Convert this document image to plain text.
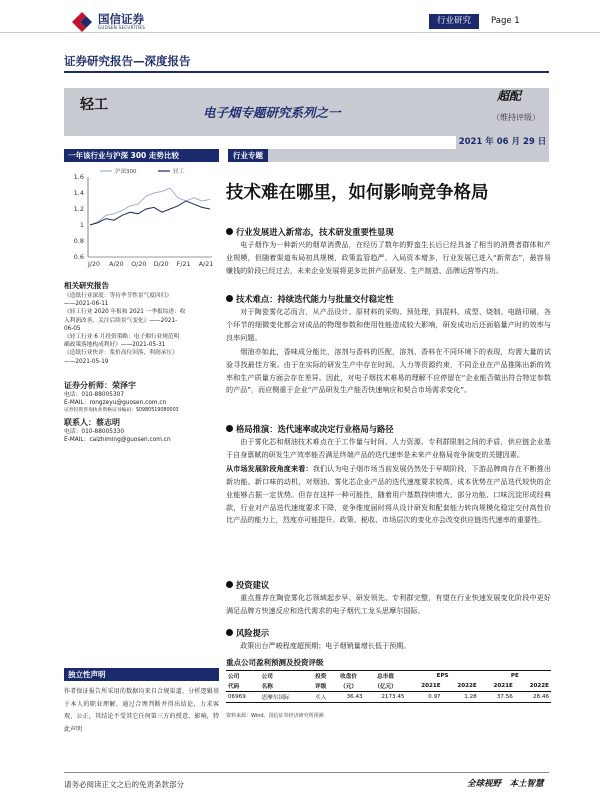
国信证券
GUOSEN SECURITIES
行业研究	Page 1
证券研究报告—深度报告
轻工	电子烟专题研究系列之一
超配
（维持评级）
2021 年 06 月 29 日
一年该行业与沪深 300 走势比较
1.6
1.4
1.2
1
0.8
0.6
J/20 A/20 O/20 D/20 F/21 A/21
沪深300	轻工
相关研究报告
《造纸行业深度：等待季节性景气度回归》
——2021-06-11
《轻工行业 2020 年报和 2021 一季报综述：收
入利润改善，关注后续景气变化》——2021-
06-05
《轻工行业 6 月投资策略：电子烟行业规范明
确政策落地构成利好》——2021-05-31
《造纸行业快评：浆价高位回落，利润承压》
——2021-05-19
证券分析师：荣泽宇
电话：010-88005307
E-MAIL：rongzeyu@guosen.com.cn
证券投资咨询执业资格证书编码：S0980519080003
联系人：蔡志明
电话：010-88005330
E-MAIL：caizhiming@guosen.com.cn
独立性声明
作者保证报告所采用的数据均来自合规渠道，分析逻辑基于本人的职业理解，通过合理判断并得出结论，力求客观、公正，其结论不受其它任何第三方的授意、影响，特此声明
行业专题
技术难在哪里，如何影响竞争格局
行业发展进入新常态，技术研发重要性显现
电子烟作为一种新兴的烟草消费品，在经历了数年的野蛮生长后已经具备了相当的消费者群体和产业规模，但随着渠道布局初具规模，政策监管趋严，入局资本增多，行业发展已进入“新常态”，最容易赚钱的阶段已经过去，未来企业发展将更多比拼产品研发、生产制造、品牌运营等内功。
技术难点：持续迭代能力与批量交付稳定性
对于陶瓷雾化芯而言，从产品设计、原材料的采购、预处理，到混料、成型、烧制、电路印刷，各个环节的细微变化都会对成品的物理参数和使用性能造成较大影响，研发成功后还面临量产时的效率与良率问题。
烟油亦如此，香味成分能比，溶剂与香料的匹配，溶剂、香料在不同环境下的表现，均需大量的试验寻找最佳方案。由于在实际的研发生产中存在时间、人力等资源约束，不同企业在产品推陈出新的效率和生产质量方面会存在差异。因此，对电子烟技术难易的理解不应停留在“企业能否做出符合特定参数的产品”，而应侧重于企业“产品研发生产能否快速响应和契合市场需求变化”。
格局推演：迭代速率或决定行业格局与路径
由于雾化芯和烟油技术难点在于工作量与时间、人力资源、专利群限制之间的矛盾，供应链企业基于自身禀赋的研发生产效率能否满足终端产品的迭代速率是未来产业格局竞争演变的关键因素。
从市场发展阶段角度来看：我们认为电子烟市场当前发展仍然处于早期阶段，下游品牌商存在不断推出新功能、新口味的动机，对烟油、雾化芯企业产品的迭代速度要求较高，成本优势在产品迭代较快的企业能够占据一定优势。但存在这样一种可能性，随着用户基数持续增大、部分功能、口味沉淀形成经典款，行业对产品迭代速度要求下降，竞争维度届时将从设计研发和配套能力转向规模化稳定交付高性价比产品的能力上，烈度亦可能提升。政策、税收、市场层次的变化亦会改变供应链迭代速率的重要性。
投资建议
重点推荐在陶瓷雾化芯领域起步早、研发领先、专利群完整，有望在行业快速发展变化阶段中更好满足品牌方快速反应和迭代需求的电子烟代工龙头思摩尔国际。
风险提示
政策出台严峻程度超预期；电子烟销量增长低于预期。
重点公司盈利预测及投资评级
公司	公司	投资	收盘价	总市值	EPS		PE	
代码	名称	评级	（元）	（亿元）	2021E	2022E	2021E	2022E
06969	思摩尔国际	买入	36.43	2173.45	0.97	1.28	37.56	28.46
资料来源：Wind、国信证券经济研究所预测
请务必阅读正文之后的免责条款部分	全球视野　本土智慧
